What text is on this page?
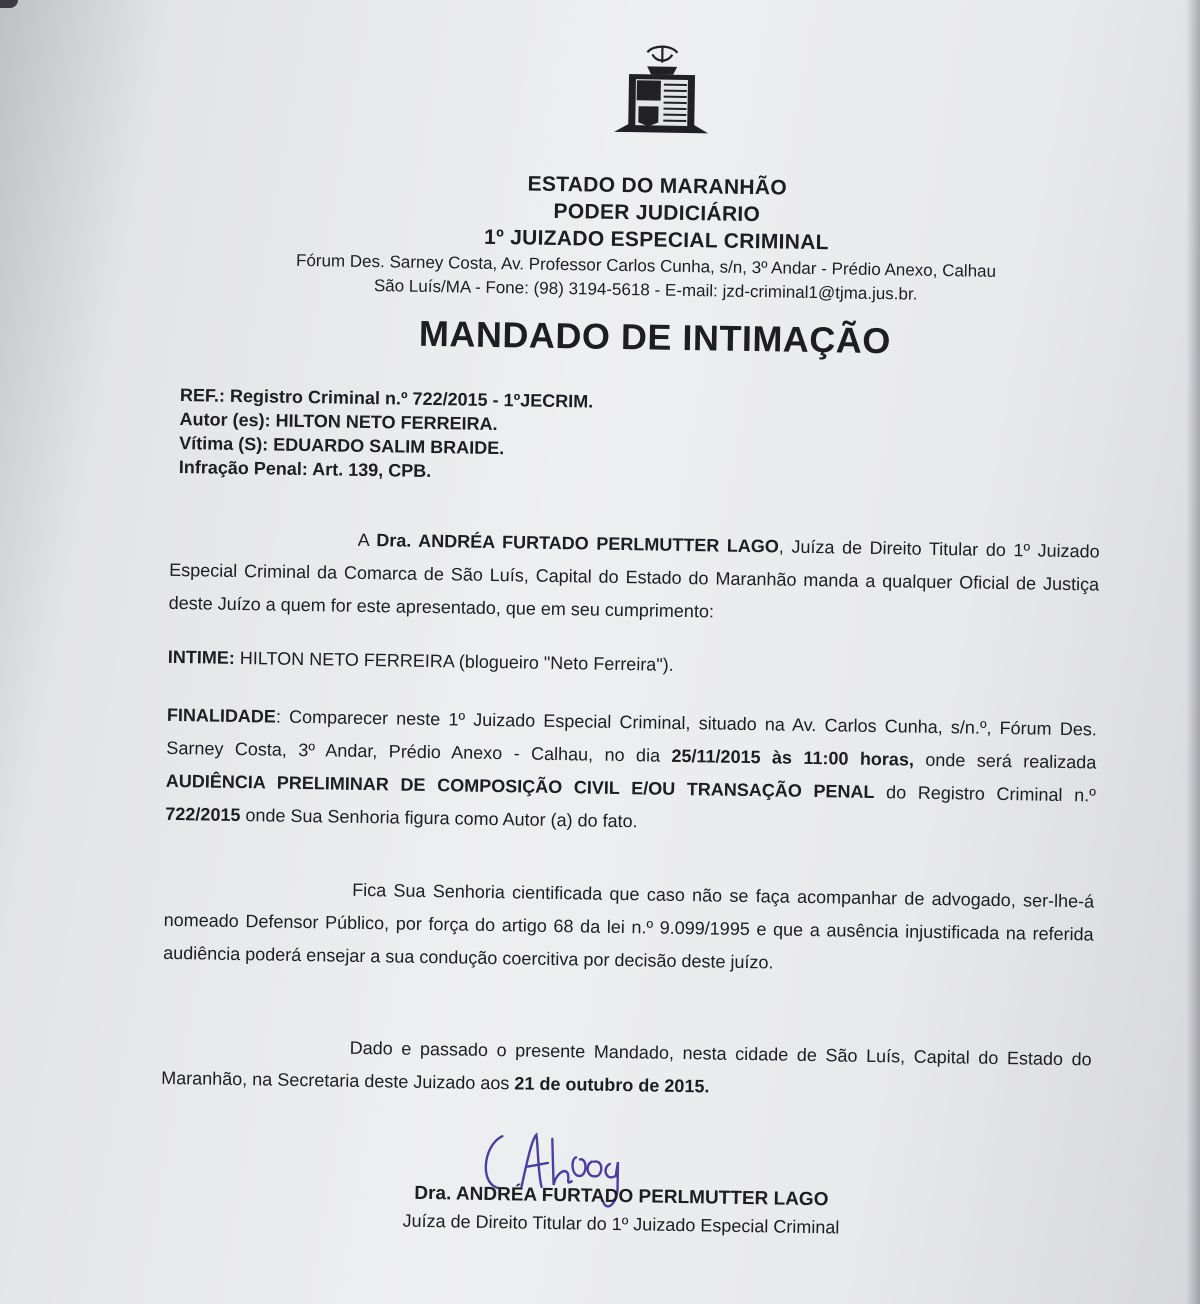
ESTADO DO MARANHÃO
PODER JUDICIÁRIO
1º JUIZADO ESPECIAL CRIMINAL
Fórum Des. Sarney Costa, Av. Professor Carlos Cunha, s/n, 3º Andar - Prédio Anexo, Calhau
São Luís/MA - Fone: (98) 3194-5618 - E-mail: jzd-criminal1@tjma.jus.br.
MANDADO DE INTIMAÇÃO
REF.: Registro Criminal n.º 722/2015 - 1ºJECRIM.
Autor (es): HILTON NETO FERREIRA.
Vítima (S): EDUARDO SALIM BRAIDE.
Infração Penal: Art. 139, CPB.
A Dra. ANDRÉA FURTADO PERLMUTTER LAGO, Juíza de Direito Titular do 1º Juizado Especial Criminal da Comarca de São Luís, Capital do Estado do Maranhão manda a qualquer Oficial de Justiça deste Juízo a quem for este apresentado, que em seu cumprimento:
INTIME: HILTON NETO FERREIRA (blogueiro "Neto Ferreira").
FINALIDADE: Comparecer neste 1º Juizado Especial Criminal, situado na Av. Carlos Cunha, s/n.º, Fórum Des. Sarney Costa, 3º Andar, Prédio Anexo - Calhau, no dia 25/11/2015 às 11:00 horas, onde será realizada AUDIÊNCIA PRELIMINAR DE COMPOSIÇÃO CIVIL E/OU TRANSAÇÃO PENAL do Registro Criminal n.º 722/2015 onde Sua Senhoria figura como Autor (a) do fato.
Fica Sua Senhoria cientificada que caso não se faça acompanhar de advogado, ser-lhe-á nomeado Defensor Público, por força do artigo 68 da lei n.º 9.099/1995 e que a ausência injustificada na referida audiência poderá ensejar a sua condução coercitiva por decisão deste juízo.
Dado e passado o presente Mandado, nesta cidade de São Luís, Capital do Estado do Maranhão, na Secretaria deste Juizado aos 21 de outubro de 2015.
Dra. ANDRÉA FURTADO PERLMUTTER LAGO
Juíza de Direito Titular do 1º Juizado Especial Criminal
